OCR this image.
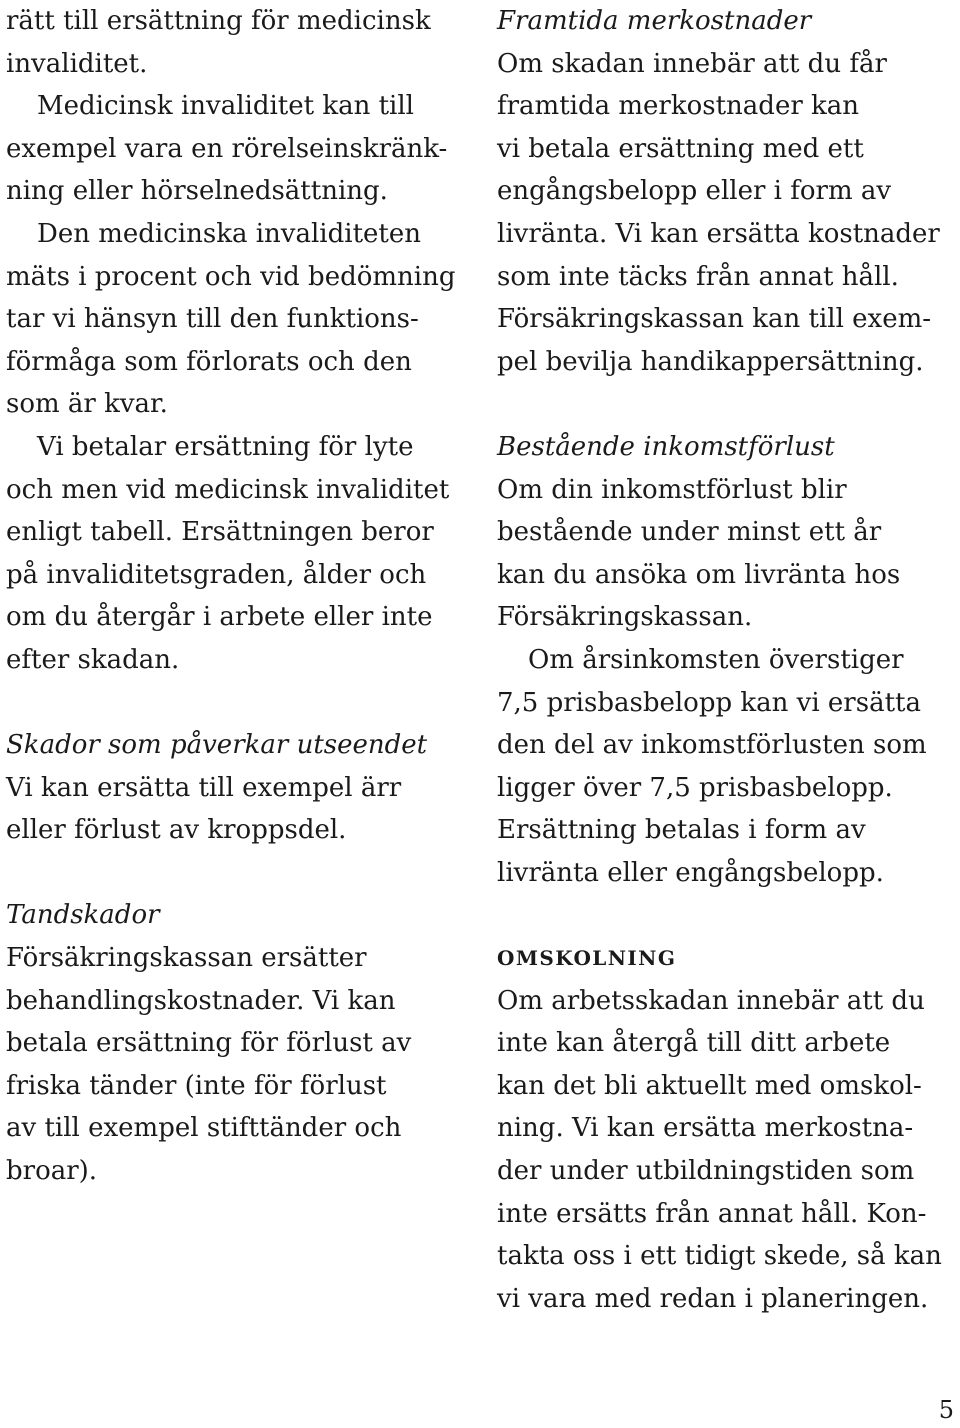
rätt till ersättning för medicinsk
invaliditet.
Medicinsk invaliditet kan till
exempel vara en rörelseinskränk-
ning eller hörselnedsättning.
Den medicinska invaliditeten
mäts i procent och vid bedömning
tar vi hänsyn till den funktions-
förmåga som förlorats och den
som är kvar.
Vi betalar ersättning för lyte
och men vid medicinsk invaliditet
enligt tabell. Ersättningen beror
på invaliditetsgraden, ålder och
om du återgår i arbete eller inte
efter skadan.
Skador som påverkar utseendet
Vi kan ersätta till exempel ärr
eller förlust av kroppsdel.
Tandskador
Försäkringskassan ersätter
behandlingskostnader. Vi kan
betala ersättning för förlust av
friska tänder (inte för förlust
av till exempel stifttänder och
broar).
Framtida merkostnader
Om skadan innebär att du får
framtida merkostnader kan
vi betala ersättning med ett
engångsbelopp eller i form av
livränta. Vi kan ersätta kostnader
som inte täcks från annat håll.
Försäkringskassan kan till exem-
pel bevilja handikappersättning.
Bestående inkomstförlust
Om din inkomstförlust blir
bestående under minst ett år
kan du ansöka om livränta hos
Försäkringskassan.
Om årsinkomsten överstiger
7,5 prisbasbelopp kan vi ersätta
den del av inkomstförlusten som
ligger över 7,5 prisbasbelopp.
Ersättning betalas i form av
livränta eller engångsbelopp.
OMSKOLNING
Om arbetsskadan innebär att du
inte kan återgå till ditt arbete
kan det bli aktuellt med omskol-
ning. Vi kan ersätta merkostna-
der under utbildningstiden som
inte ersätts från annat håll. Kon-
takta oss i ett tidigt skede, så kan
vi vara med redan i planeringen.
5
